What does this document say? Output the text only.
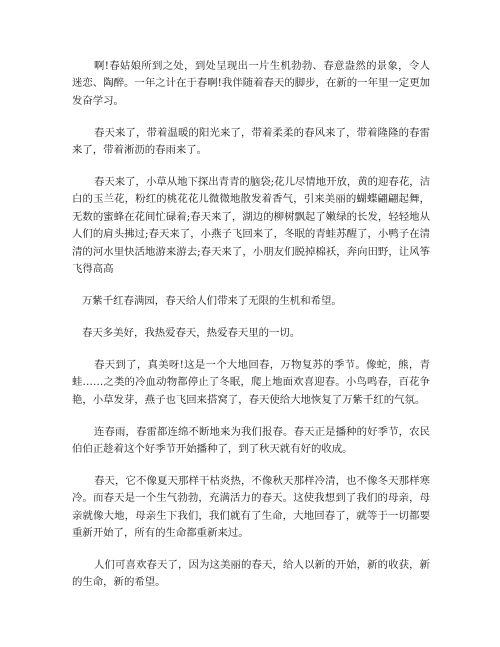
啊!春姑娘所到之处，到处呈现出一片生机勃勃、春意盎然的景象，令人迷恋、陶醉。一年之计在于春啊!我伴随着春天的脚步，在新的一年里一定更加发奋学习。

春天来了，带着温暖的阳光来了，带着柔柔的春风来了，带着隆隆的春雷来了，带着淅沥的春雨来了。

春天来了，小草从地下探出青青的脑袋;花儿尽情地开放，黄的迎春花，洁白的玉兰花，粉红的桃花花儿微微地散发着香气，引来美丽的蝴蝶翩翩起舞，无数的蜜蜂在花间忙碌着;春天来了，湖边的柳树飘起了嫩绿的长发，轻轻地从人们的肩头拂过;春天来了，小燕子飞回来了，冬眠的青蛙苏醒了，小鸭子在清清的河水里快活地游来游去;春天来了，小朋友们脱掉棉袄，奔向田野，让风筝飞得高高

万紫千红春满园，春天给人们带来了无限的生机和希望。

春天多美好，我热爱春天，热爱春天里的一切。

春天到了，真美呀!这是一个大地回春，万物复苏的季节。像蛇，熊，青蛙……之类的冷血动物都停止了冬眠，爬上地面欢喜迎春。小鸟鸣春，百花争艳，小草发芽，燕子也飞回来搭窝了，春天使给大地恢复了万紫千红的气氛。

连春雨，春雷都连绵不断地来为我们报春。春天正是播种的好季节，农民伯伯正趁着这个好季节开始播种了，到了秋天就有好的收成。

春天，它不像夏天那样干枯炎热，不像秋天那样冷清，也不像冬天那样寒冷。而春天是一个生气勃勃，充满活力的春天。这使我想到了我们的母亲，母亲就像大地，母亲生下我们，我们就有了生命，大地回春了，就等于一切都要重新开始了，所有的生命都重新来过。

人们可喜欢春天了，因为这美丽的春天，给人以新的开始，新的收获，新的生命，新的希望。
